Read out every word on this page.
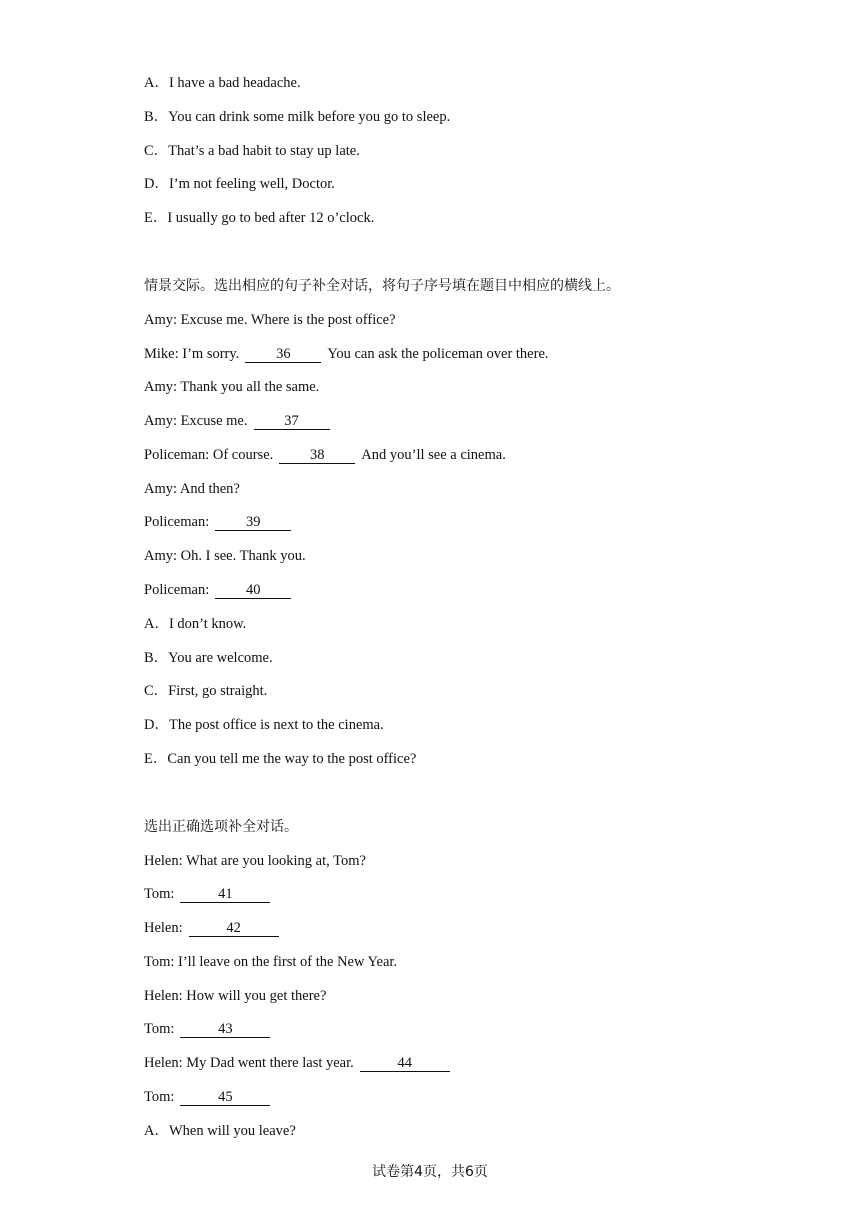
A．I have a bad headache.
B．You can drink some milk before you go to sleep.
C．That’s a bad habit to stay up late.
D．I’m not feeling well, Doctor.
E．I usually go to bed after 12 o’clock.
情景交际。选出相应的句子补全对话，将句子序号填在题目中相应的横线上。
Amy: Excuse me. Where is the post office?
Mike: I’m sorry.	36	You can ask the policeman over there.
Amy: Thank you all the same.
Amy: Excuse me.	37
Policeman: Of course.	38	And you’ll see a cinema.
Amy: And then?
Policeman:	39
Amy: Oh. I see. Thank you.
Policeman:	40
A．I don’t know.
B．You are welcome.
C．First, go straight.
D．The post office is next to the cinema.
E．Can you tell me the way to the post office?
选出正确选项补全对话。
Helen: What are you looking at, Tom?
Tom:	41
Helen:	42
Tom: I’ll leave on the first of the New Year.
Helen: How will you get there?
Tom:	43
Helen: My Dad went there last year.	44
Tom:	45
A．When will you leave?
试卷第4页，共6页
